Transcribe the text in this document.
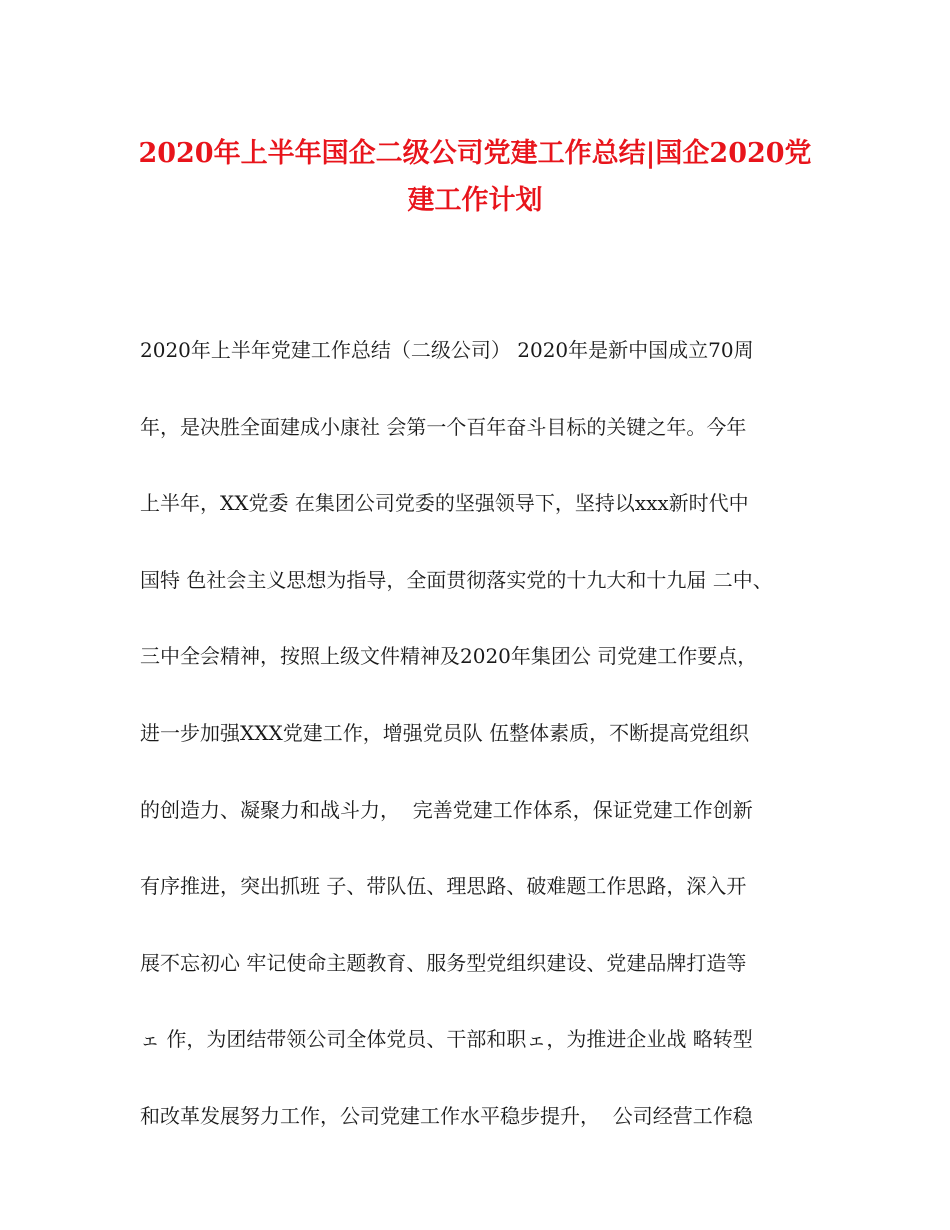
2020年上半年国企二级公司党建工作总结|国企2020党
建工作计划
2020年上半年党建工作总结（二级公司） 2020年是新中国成立70周
年，是决胜全面建成小康社 会第一个百年奋斗目标的关键之年。今年
上半年，XX党委 在集团公司党委的坚强领导下，坚持以xxx新时代中
国特 色社会主义思想为指导，全面贯彻落实党的十九大和十九届 二中、
三中全会精神，按照上级文件精神及2020年集团公 司党建工作要点，
进一步加强XXX党建工作，增强党员队 伍整体素质，不断提高党组织
的创造力、凝聚力和战斗力，  完善党建工作体系，保证党建工作创新
有序推进，突出抓班 子、带队伍、理思路、破难题工作思路，深入开
展不忘初心 牢记使命主题教育、服务型党组织建设、党建品牌打造等
ェ 作，为团结带领公司全体党员、干部和职ェ，为推进企业战 略转型
和改革发展努力工作，公司党建工作水平稳步提升，  公司经营工作稳
